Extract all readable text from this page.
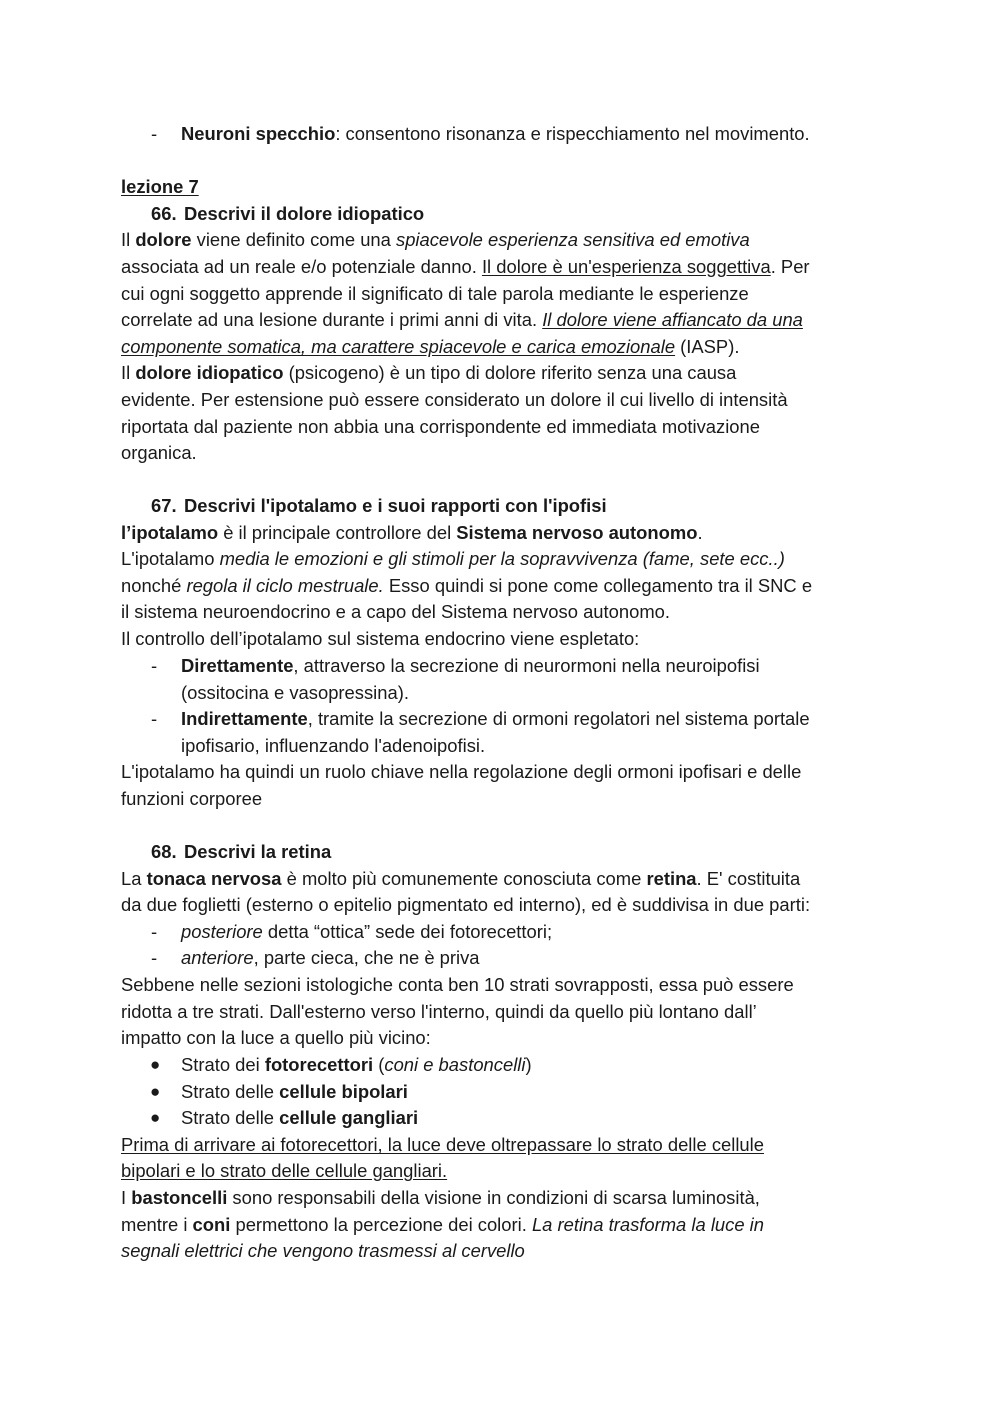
- Neuroni specchio: consentono risonanza e rispecchiamento nel movimento.
lezione 7
66. Descrivi il dolore idiopatico
Il dolore viene definito come una spiacevole esperienza sensitiva ed emotiva
associata ad un reale e/o potenziale danno. Il dolore è un'esperienza soggettiva. Per
cui ogni soggetto apprende il significato di tale parola mediante le esperienze
correlate ad una lesione durante i primi anni di vita. Il dolore viene affiancato da una
componente somatica, ma carattere spiacevole e carica emozionale (IASP).
Il dolore idiopatico (psicogeno) è un tipo di dolore riferito senza una causa
evidente. Per estensione può essere considerato un dolore il cui livello di intensità
riportata dal paziente non abbia una corrispondente ed immediata motivazione
organica.
67. Descrivi l'ipotalamo e i suoi rapporti con l'ipofisi
l’ipotalamo è il principale controllore del Sistema nervoso autonomo.
L'ipotalamo media le emozioni e gli stimoli per la sopravvivenza (fame, sete ecc..)
nonché regola il ciclo mestruale. Esso quindi si pone come collegamento tra il SNC e
il sistema neuroendocrino e a capo del Sistema nervoso autonomo.
Il controllo dell’ipotalamo sul sistema endocrino viene espletato:
- Direttamente, attraverso la secrezione di neurormoni nella neuroipofisi
(ossitocina e vasopressina).
- Indirettamente, tramite la secrezione di ormoni regolatori nel sistema portale
ipofisario, influenzando l'adenoipofisi.
L'ipotalamo ha quindi un ruolo chiave nella regolazione degli ormoni ipofisari e delle
funzioni corporee
68. Descrivi la retina
La tonaca nervosa è molto più comunemente conosciuta come retina. E' costituita
da due foglietti (esterno o epitelio pigmentato ed interno), ed è suddivisa in due parti:
- posteriore detta “ottica” sede dei fotorecettori;
- anteriore, parte cieca, che ne è priva
Sebbene nelle sezioni istologiche conta ben 10 strati sovrapposti, essa può essere
ridotta a tre strati. Dall'esterno verso l'interno, quindi da quello più lontano dall’
impatto con la luce a quello più vicino:
● Strato dei fotorecettori (coni e bastoncelli)
● Strato delle cellule bipolari
● Strato delle cellule gangliari
Prima di arrivare ai fotorecettori, la luce deve oltrepassare lo strato delle cellule
bipolari e lo strato delle cellule gangliari.
I bastoncelli sono responsabili della visione in condizioni di scarsa luminosità,
mentre i coni permettono la percezione dei colori. La retina trasforma la luce in
segnali elettrici che vengono trasmessi al cervello
